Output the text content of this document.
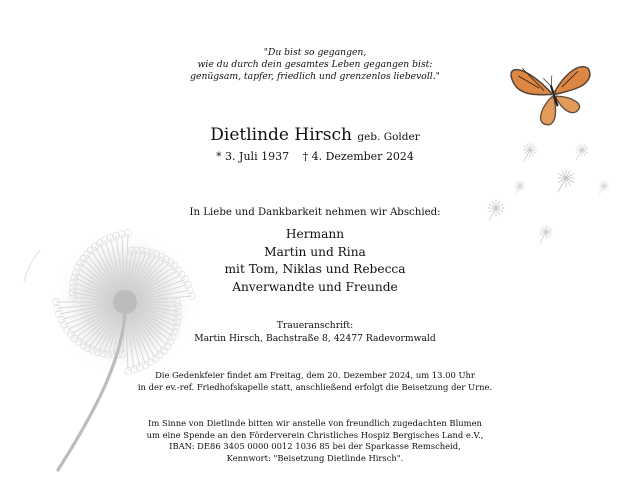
"Du bist so gegangen,
wie du durch dein gesamtes Leben gegangen bist:
genügsam, tapfer, friedlich und grenzenlos liebevoll."
Dietlinde Hirsch geb. Golder
* 3. Juli 1937 † 4. Dezember 2024
In Liebe und Dankbarkeit nehmen wir Abschied:
Hermann
Martin und Rina
mit Tom, Niklas und Rebecca
Anverwandte und Freunde
Traueranschrift:
Martin Hirsch, Bachstraße 8, 42477 Radevormwald
Die Gedenkfeier findet am Freitag, dem 20. Dezember 2024, um 13.00 Uhr
in der ev.-ref. Friedhofskapelle statt, anschließend erfolgt die Beisetzung der Urne.
Im Sinne von Dietlinde bitten wir anstelle von freundlich zugedachten Blumen
um eine Spende an den Förderverein Christliches Hospiz Bergisches Land e.V.,
IBAN: DE86 3405 0000 0012 1036 85 bei der Sparkasse Remscheid,
Kennwort: "Beisetzung Dietlinde Hirsch".
